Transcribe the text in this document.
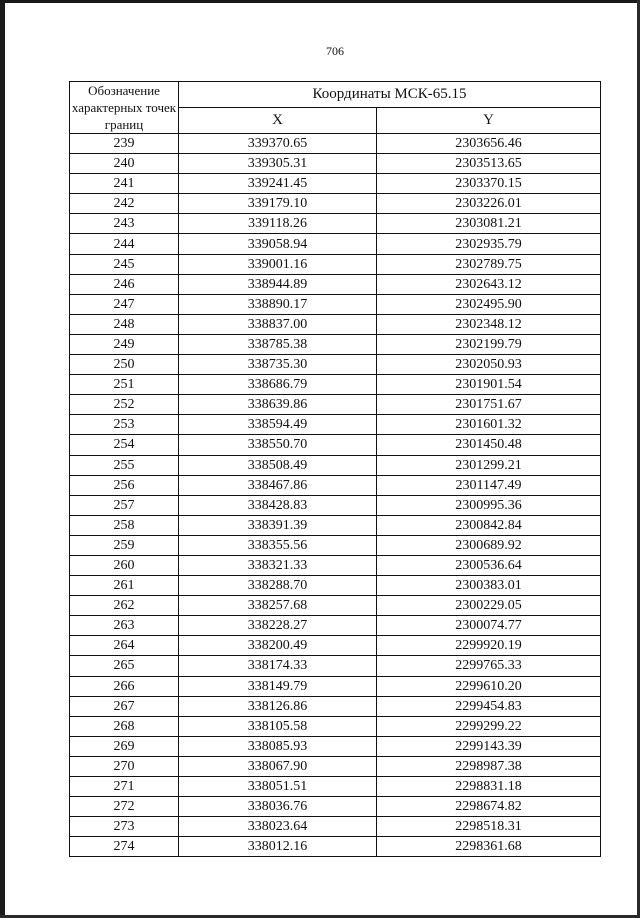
706
Обозначение характерных точек границ	Координаты МСК-65.15	
	X	Y
239	339370.65	2303656.46
240	339305.31	2303513.65
241	339241.45	2303370.15
242	339179.10	2303226.01
243	339118.26	2303081.21
244	339058.94	2302935.79
245	339001.16	2302789.75
246	338944.89	2302643.12
247	338890.17	2302495.90
248	338837.00	2302348.12
249	338785.38	2302199.79
250	338735.30	2302050.93
251	338686.79	2301901.54
252	338639.86	2301751.67
253	338594.49	2301601.32
254	338550.70	2301450.48
255	338508.49	2301299.21
256	338467.86	2301147.49
257	338428.83	2300995.36
258	338391.39	2300842.84
259	338355.56	2300689.92
260	338321.33	2300536.64
261	338288.70	2300383.01
262	338257.68	2300229.05
263	338228.27	2300074.77
264	338200.49	2299920.19
265	338174.33	2299765.33
266	338149.79	2299610.20
267	338126.86	2299454.83
268	338105.58	2299299.22
269	338085.93	2299143.39
270	338067.90	2298987.38
271	338051.51	2298831.18
272	338036.76	2298674.82
273	338023.64	2298518.31
274	338012.16	2298361.68
